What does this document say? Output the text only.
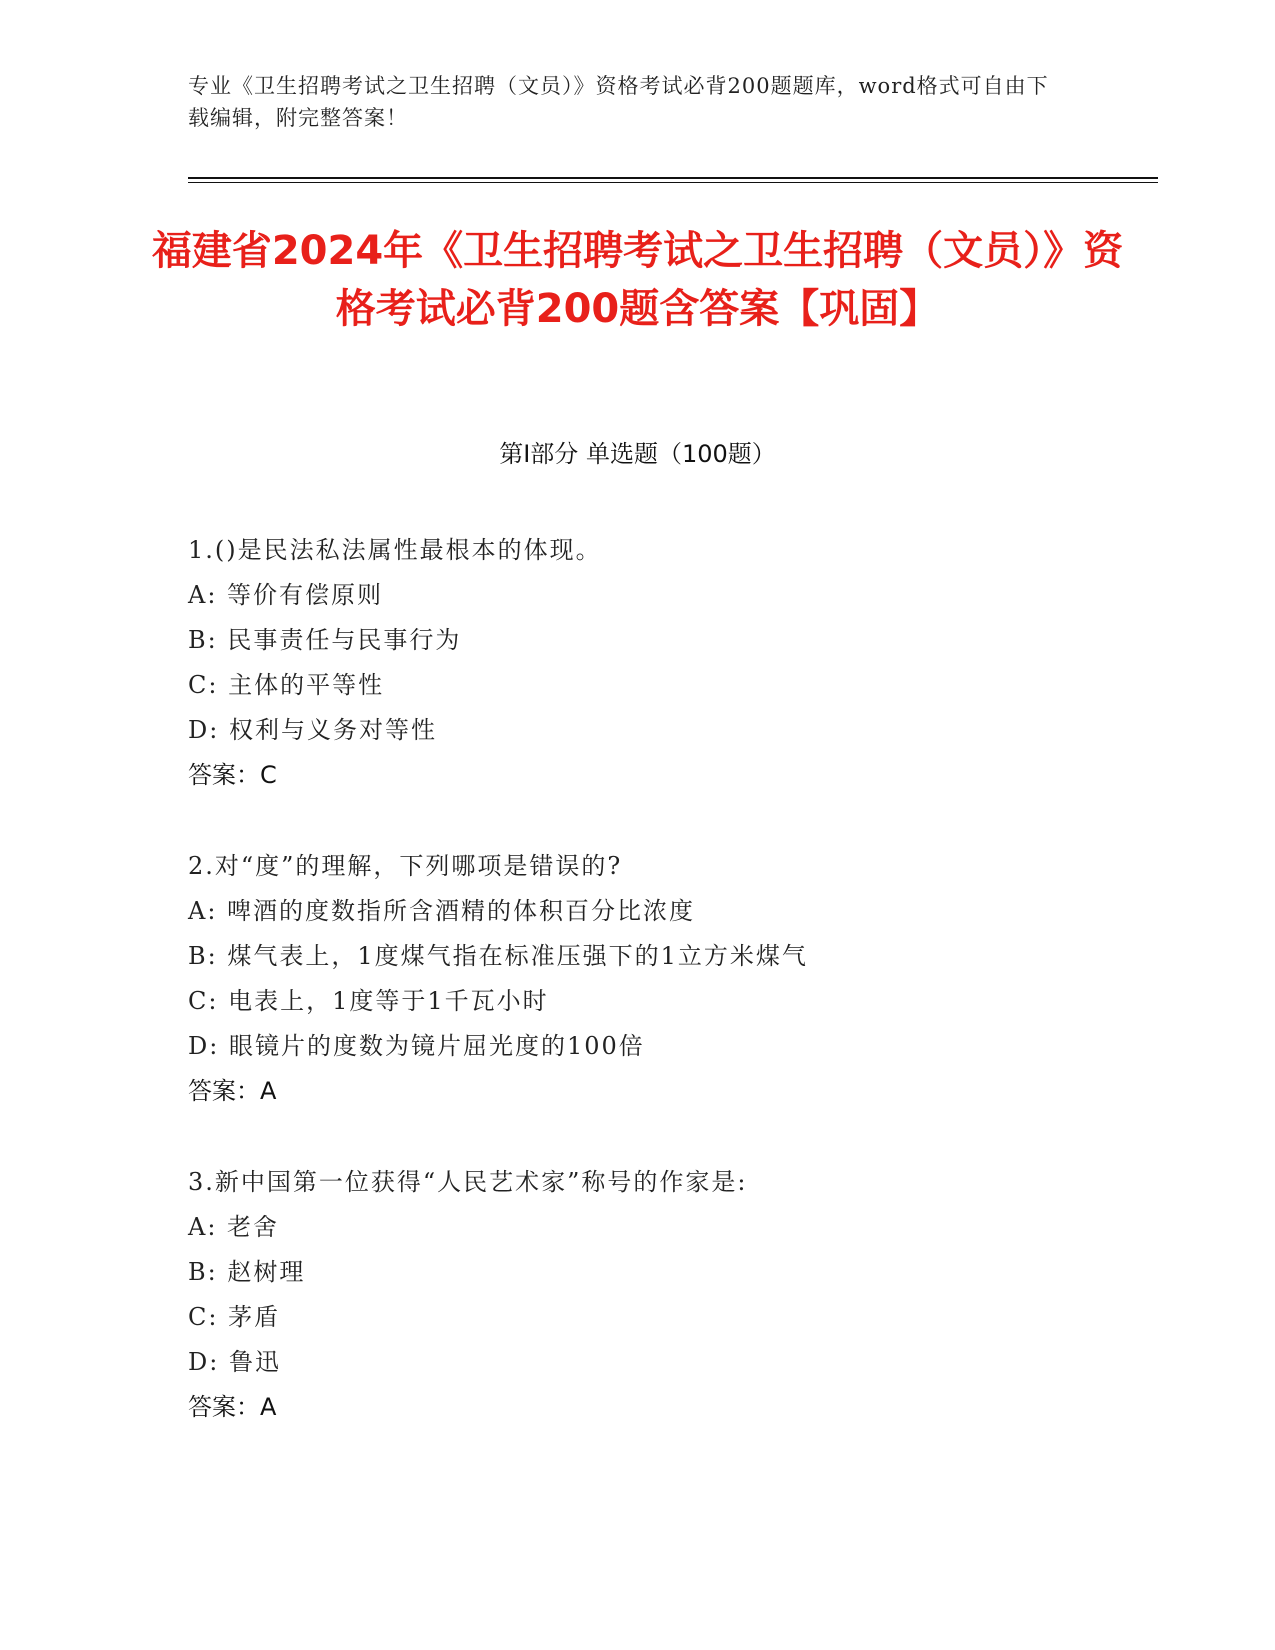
专业《卫生招聘考试之卫生招聘（文员）》资格考试必背200题题库，word格式可自由下载编辑，附完整答案！
福建省2024年《卫生招聘考试之卫生招聘（文员）》资格考试必背200题含答案【巩固】
第I部分 单选题（100题）
1.()是民法私法属性最根本的体现。
A: 等价有偿原则
B: 民事责任与民事行为
C: 主体的平等性
D: 权利与义务对等性
答案：C
2.对“度”的理解，下列哪项是错误的?
A: 啤酒的度数指所含酒精的体积百分比浓度
B: 煤气表上，1度煤气指在标准压强下的1立方米煤气
C: 电表上，1度等于1千瓦小时
D: 眼镜片的度数为镜片屈光度的100倍
答案：A
3.新中国第一位获得“人民艺术家”称号的作家是:
A: 老舍
B: 赵树理
C: 茅盾
D: 鲁迅
答案：A
